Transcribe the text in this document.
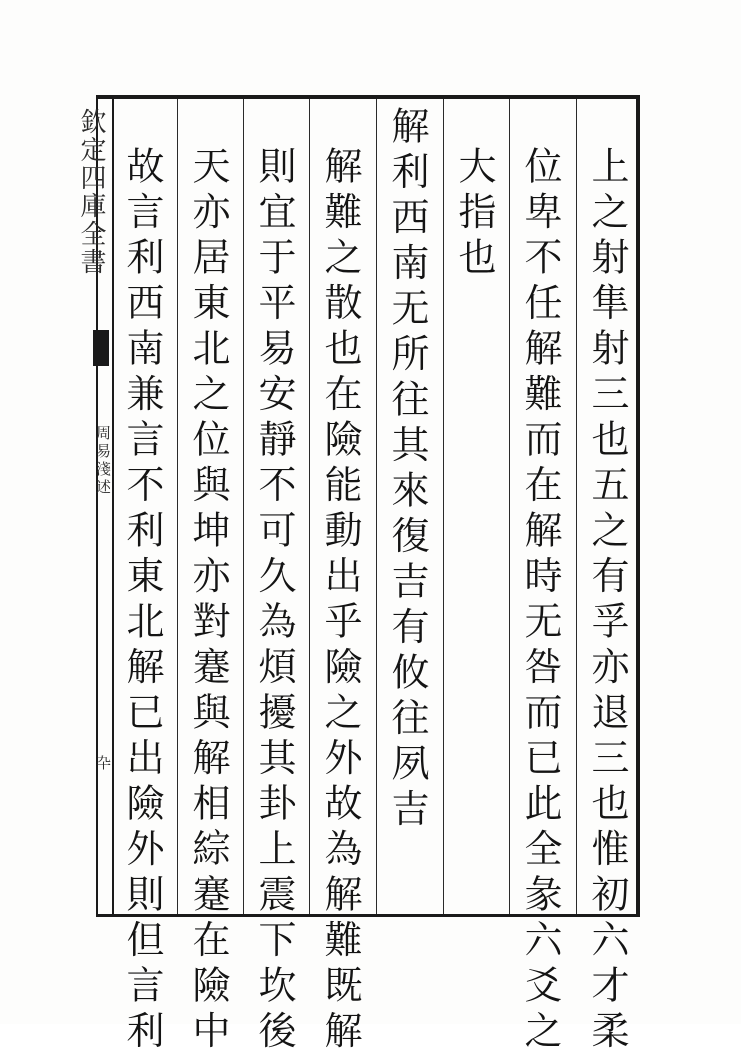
欽定四庫全書
周易淺述
卆	上之射隼射三也五之有孚亦退三也惟初六才柔
位卑不任解難而在解時无咎而已此全彖六爻之
大指也
解利西南无所往其來復吉有攸往夙吉
解難之散也在險能動出乎險之外故為解難既解
則宜于平易安靜不可久為煩擾其卦上震下坎後
天亦居東北之位與坤亦對蹇與解相綜蹇在險中
故言利西南兼言不利東北解已出險外則但言利
